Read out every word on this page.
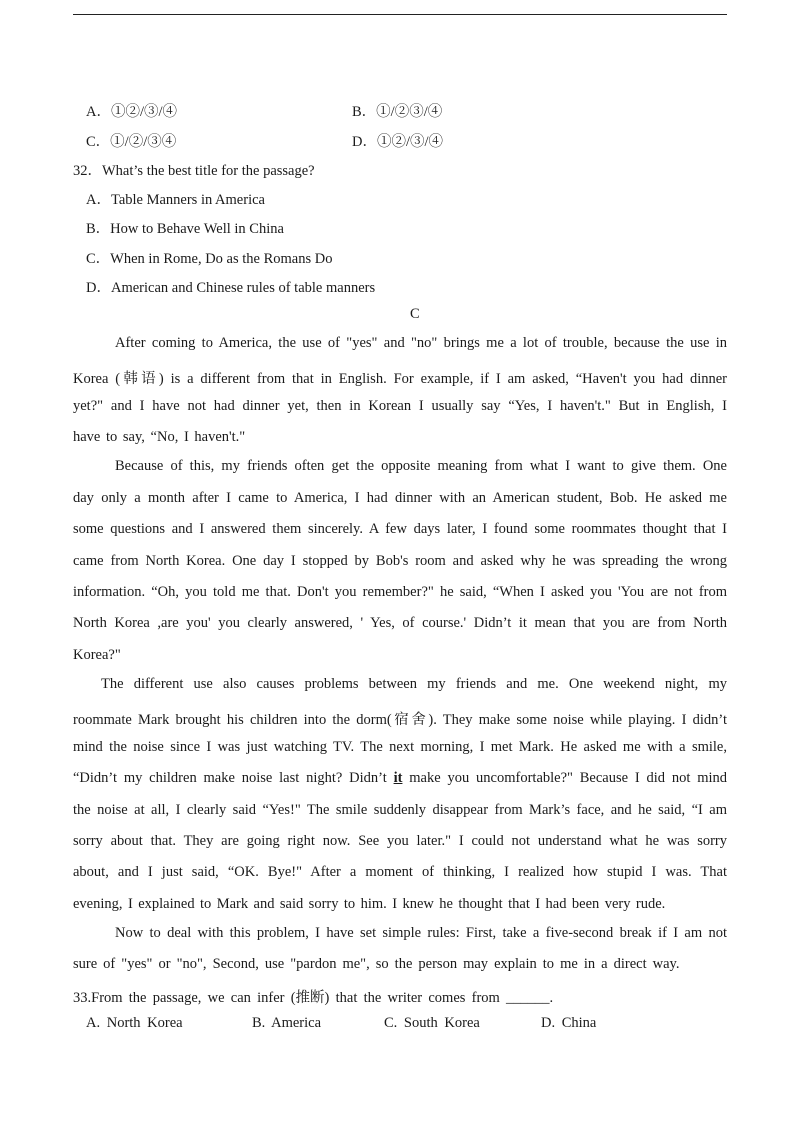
A．①②/③/④	B．①/②③/④
C．①/②/③④	D．①②/③/④
32．What’s the best title for the passage?
A．Table Manners in America
B．How to Behave Well in China
C．When in Rome, Do as the Romans Do
D．American and Chinese rules of table manners
C
After coming to America, the use of "yes" and "no" brings me a lot of trouble, because the use in
Korea (韩语) is a different from that in English. For example, if I am asked, “Haven't you had dinner
yet?" and I have not had dinner yet, then in Korean I usually say “Yes, I haven't." But in English, I
have to say, “No, I haven't."
Because of this, my friends often get the opposite meaning from what I want to give them. One
day only a month after I came to America, I had dinner with an American student, Bob. He asked me
some questions and I answered them sincerely. A few days later, I found some roommates thought that I
came from North Korea. One day I stopped by Bob's room and asked why he was spreading the wrong
information. “Oh, you told me that. Don't you remember?" he said, “When I asked you 'You are not from
North Korea ,are you' you clearly answered, ' Yes, of course.' Didn’t it mean that you are from North
Korea?"
The different use also causes problems between my friends and me. One weekend night, my
roommate Mark brought his children into the dorm(宿舍). They make some noise while playing. I didn’t
mind the noise since I was just watching TV. The next morning, I met Mark. He asked me with a smile,
“Didn’t my children make noise last night? Didn’t it make you uncomfortable?" Because I did not mind
the noise at all, I clearly said “Yes!" The smile suddenly disappear from Mark’s face, and he said, “I am
sorry about that. They are going right now. See you later." I could not understand what he was sorry
about, and I just said, “OK. Bye!" After a moment of thinking, I realized how stupid I was. That
evening, I explained to Mark and said sorry to him. I knew he thought that I had been very rude.
Now to deal with this problem, I have set simple rules: First, take a five-second break if I am not
sure of "yes" or "no", Second, use "pardon me", so the person may explain to me in a direct way.
33.From the passage, we can infer (推断) that the writer comes from ______.
A. North Korea	B. America	C. South Korea	D. China
